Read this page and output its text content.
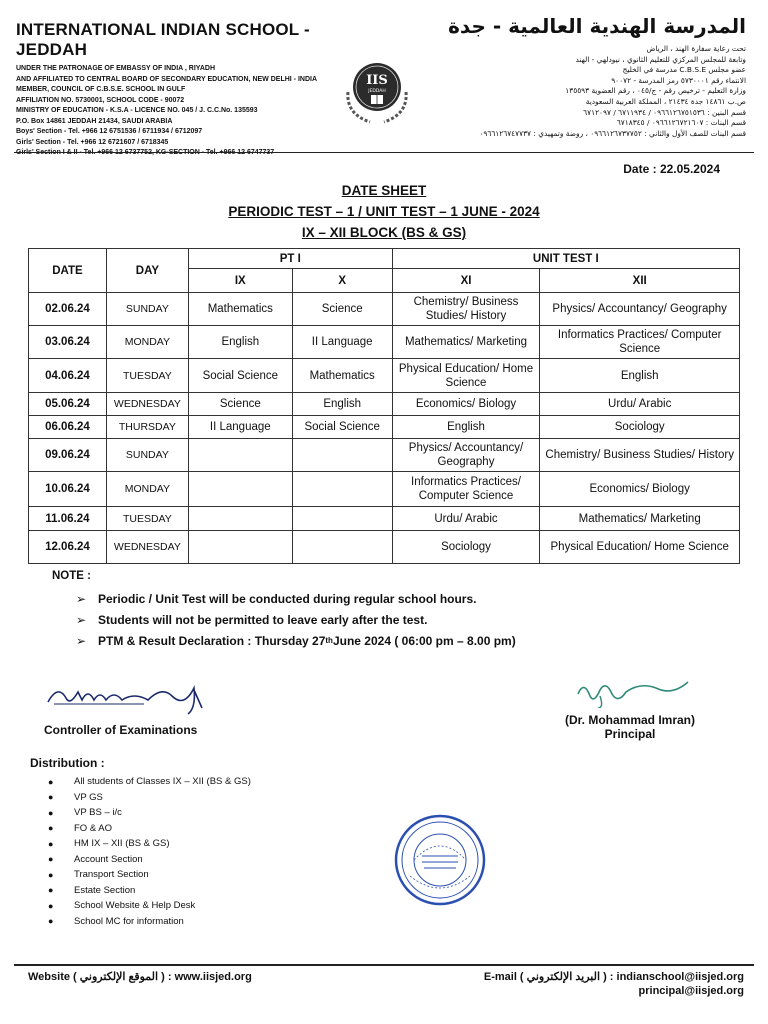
INTERNATIONAL INDIAN SCHOOL - JEDDAH
UNDER THE PATRONAGE OF EMBASSY OF INDIA , RIYADH
AND AFFILIATED TO CENTRAL BOARD OF SECONDARY EDUCATION, NEW DELHI - INDIA
MEMBER, COUNCIL OF C.B.S.E. SCHOOL IN GULF
AFFILIATION NO. 5730001, SCHOOL CODE - 90072
MINISTRY OF EDUCATION - K.S.A - LICENCE NO. 045 / J. C.C.No. 135593
P.O. Box 14861 JEDDAH 21434, SAUDI ARABIA
Boys' Section - Tel. +966 12 6751536 / 6711934 / 6712097
Girls' Section - Tel. +966 12 6721607 / 6718345
Girls' Section I & II - Tel. +966 12 6737752, KG-SECTION - Tel. +966 12 6747737
المدرسة الهندية العالمية - جدة
تحت رعاية سفارة الهند ، الرياض
وتابعة للمجلس المركزي للتعليم الثانوي ، نيودلهي - الهند
عضو مجلس C.B.S.E مدرسة في الخليج
الانتماء رقم ٥٧٣٠٠٠١ رمز المدرسة - ٩٠٠٧٢
وزارة التعليم - ترخيص رقم - ج/٠٤٥ ، رقم العضوية ١٣٥٥٩٣
ص.ب ١٤٨٦١ جدة ٢١٤٣٤ ، المملكة العربية السعودية
قسم البنين : ٠٩٦٦١٢٦٧٥١٥٣٦ / ٦٧١١٩٣٤ / ٦٧١٢٠٩٧
قسم البنات : ٠٩٦٦١٢٦٧٢١٦٠٧ / ٦٧١٨٣٤٥
قسم البنات للصف الأول والثاني : ٠٩٦٦١٢٦٧٣٧٧٥٢ ، روضة وتمهيدي : ٠٩٦٦١٢٦٧٤٧٧٣٧
IIS
JEDDAH
Date : 22.05.2024
DATE SHEET
PERIODIC TEST – 1 / UNIT TEST – 1 JUNE - 2024
IX – XII BLOCK (BS & GS)
DATE	DAY	PT I		UNIT TEST I	
		IX	X	XI	XII
02.06.24	SUNDAY	Mathematics	Science	Chemistry/ Business Studies/ History	Physics/ Accountancy/ Geography
03.06.24	MONDAY	English	II Language	Mathematics/ Marketing	Informatics Practices/ Computer Science
04.06.24	TUESDAY	Social Science	Mathematics	Physical Education/ Home Science	English
05.06.24	WEDNESDAY	Science	English	Economics/ Biology	Urdu/ Arabic
06.06.24	THURSDAY	II Language	Social Science	English	Sociology
09.06.24	SUNDAY			Physics/ Accountancy/ Geography	Chemistry/ Business Studies/ History
10.06.24	MONDAY			Informatics Practices/ Computer Science	Economics/ Biology
11.06.24	TUESDAY			Urdu/ Arabic	Mathematics/ Marketing
12.06.24	WEDNESDAY			Sociology	Physical Education/ Home Science
NOTE :
➢ Periodic / Unit Test will be conducted during regular school hours.
➢ Students will not be permitted to leave early after the test.
➢ PTM & Result Declaration : Thursday 27 th June 2024 ( 06:00 pm – 8.00 pm)
Controller of Examinations
(Dr. Mohammad Imran)
Principal
Distribution :
●	All students of Classes IX – XII (BS & GS)
●	VP GS
●	VP BS – i/c
●	FO & AO
●	HM IX – XII (BS & GS)
●	Account Section
●	Transport Section
●	Estate Section
●	School Website & Help Desk
●	School MC for information
Website ( الموقع الإلكتروني ) : www.iisjed.org	E-mail ( البريد الإلكتروني ) : indianschool@iisjed.org
principal@iisjed.org
